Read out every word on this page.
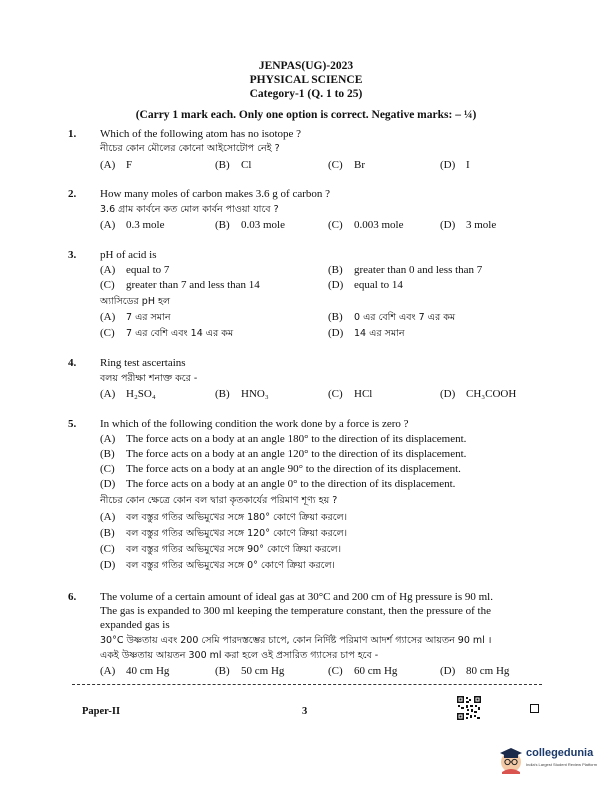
JENPAS(UG)-2023
PHYSICAL SCIENCE
Category-1 (Q. 1 to 25)
(Carry 1 mark each. Only one option is correct. Negative marks: – ¼)
1. Which of the following atom has no isotope ?
নীচের কোন মৌলের কোনো আইসোটোপ নেই ?
(A) F	(B) Cl	(C) Br	(D) I
2. How many moles of carbon makes 3.6 g of carbon ?
3.6 গ্রাম কার্বনে কত মোল কার্বন পাওয়া যাবে ?
(A) 0.3 mole	(B) 0.03 mole	(C) 0.003 mole	(D) 3 mole
3. pH of acid is
(A) equal to 7	(B) greater than 0 and less than 7
(C) greater than 7 and less than 14	(D) equal to 14
অ্যাসিডের pH হল
(A) 7 এর সমান	(B) 0 এর বেশি এবং 7 এর কম
(C) 7 এর বেশি এবং 14 এর কম	(D) 14 এর সমান
4. Ring test ascertains
বলয় পরীক্ষা শনাক্ত করে -
(A) H₂SO₄	(B) HNO₃	(C) HCl	(D) CH₃COOH
5. In which of the following condition the work done by a force is zero ?
(A) The force acts on a body at an angle 180° to the direction of its displacement.
(B) The force acts on a body at an angle 120° to the direction of its displacement.
(C) The force acts on a body at an angle 90° to the direction of its displacement.
(D) The force acts on a body at an angle 0° to the direction of its displacement.
নীচের কোন ক্ষেত্রে কোন বল দ্বারা কৃতকার্যের পরিমাণ শূণ্য হয় ?
(A) বল বস্তুর গতির অভিমুখের সঙ্গে 180° কোণে ক্রিয়া করলে।
(B) বল বস্তুর গতির অভিমুখের সঙ্গে 120° কোণে ক্রিয়া করলে।
(C) বল বস্তুর গতির অভিমুখের সঙ্গে 90° কোণে ক্রিয়া করলে।
(D) বল বস্তুর গতির অভিমুখের সঙ্গে 0° কোণে ক্রিয়া করলে।
6. The volume of a certain amount of ideal gas at 30°C and 200 cm of Hg pressure is 90 ml.
The gas is expanded to 300 ml keeping the temperature constant, then the pressure of the
expanded gas is
30°C উষ্ণতায় এবং 200 সেমি পারদস্তম্ভের চাপে, কোন নির্দিষ্ট পরিমাণ আদর্শ গ্যাসের আয়তন 90 ml ।
একই উষ্ণতায় আয়তন 300 ml করা হলে ওই প্রসারিত গ্যাসের চাপ হবে -
(A) 40 cm Hg	(B) 50 cm Hg	(C) 60 cm Hg	(D) 80 cm Hg
Paper-II	3
collegedunia
India's Largest Student Review Platform
